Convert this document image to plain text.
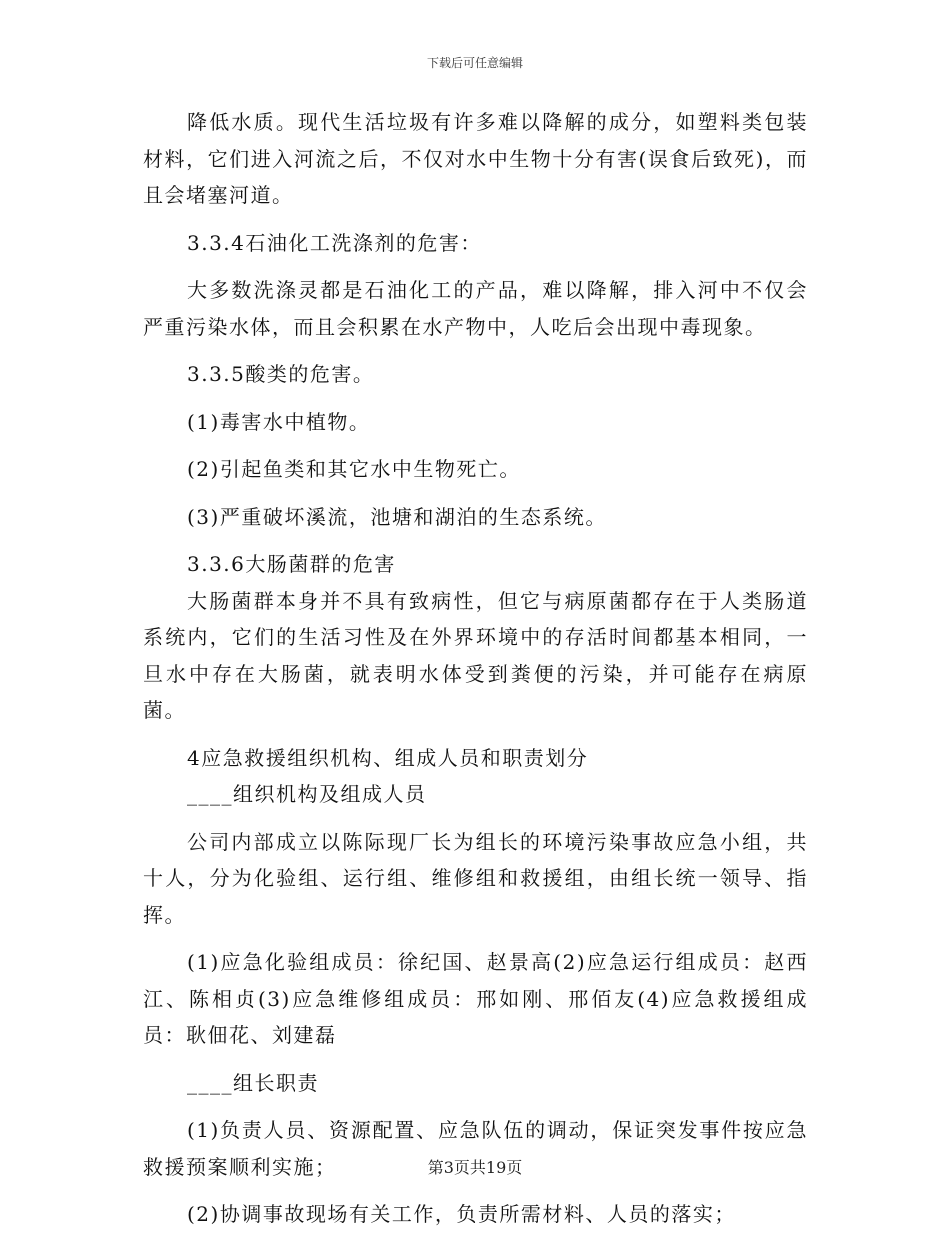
下载后可任意编辑

降低水质。现代生活垃圾有许多难以降解的成分，如塑料类包装材料，它们进入河流之后，不仅对水中生物十分有害(误食后致死)，而且会堵塞河道。

3.3.4石油化工洗涤剂的危害：

大多数洗涤灵都是石油化工的产品，难以降解，排入河中不仅会严重污染水体，而且会积累在水产物中，人吃后会出现中毒现象。

3.3.5酸类的危害。

(1)毒害水中植物。

(2)引起鱼类和其它水中生物死亡。

(3)严重破坏溪流，池塘和湖泊的生态系统。

3.3.6大肠菌群的危害

大肠菌群本身并不具有致病性，但它与病原菌都存在于人类肠道系统内，它们的生活习性及在外界环境中的存活时间都基本相同，一旦水中存在大肠菌，就表明水体受到粪便的污染，并可能存在病原菌。

4应急救援组织机构、组成人员和职责划分

____组织机构及组成人员

公司内部成立以陈际现厂长为组长的环境污染事故应急小组，共十人，分为化验组、运行组、维修组和救援组，由组长统一领导、指挥。

(1)应急化验组成员：徐纪国、赵景高(2)应急运行组成员：赵西江、陈相贞(3)应急维修组成员：邢如刚、邢佰友(4)应急救援组成员：耿佃花、刘建磊

____组长职责

(1)负责人员、资源配置、应急队伍的调动，保证突发事件按应急救援预案顺利实施；

(2)协调事故现场有关工作，负责所需材料、人员的落实；

第3页共19页
